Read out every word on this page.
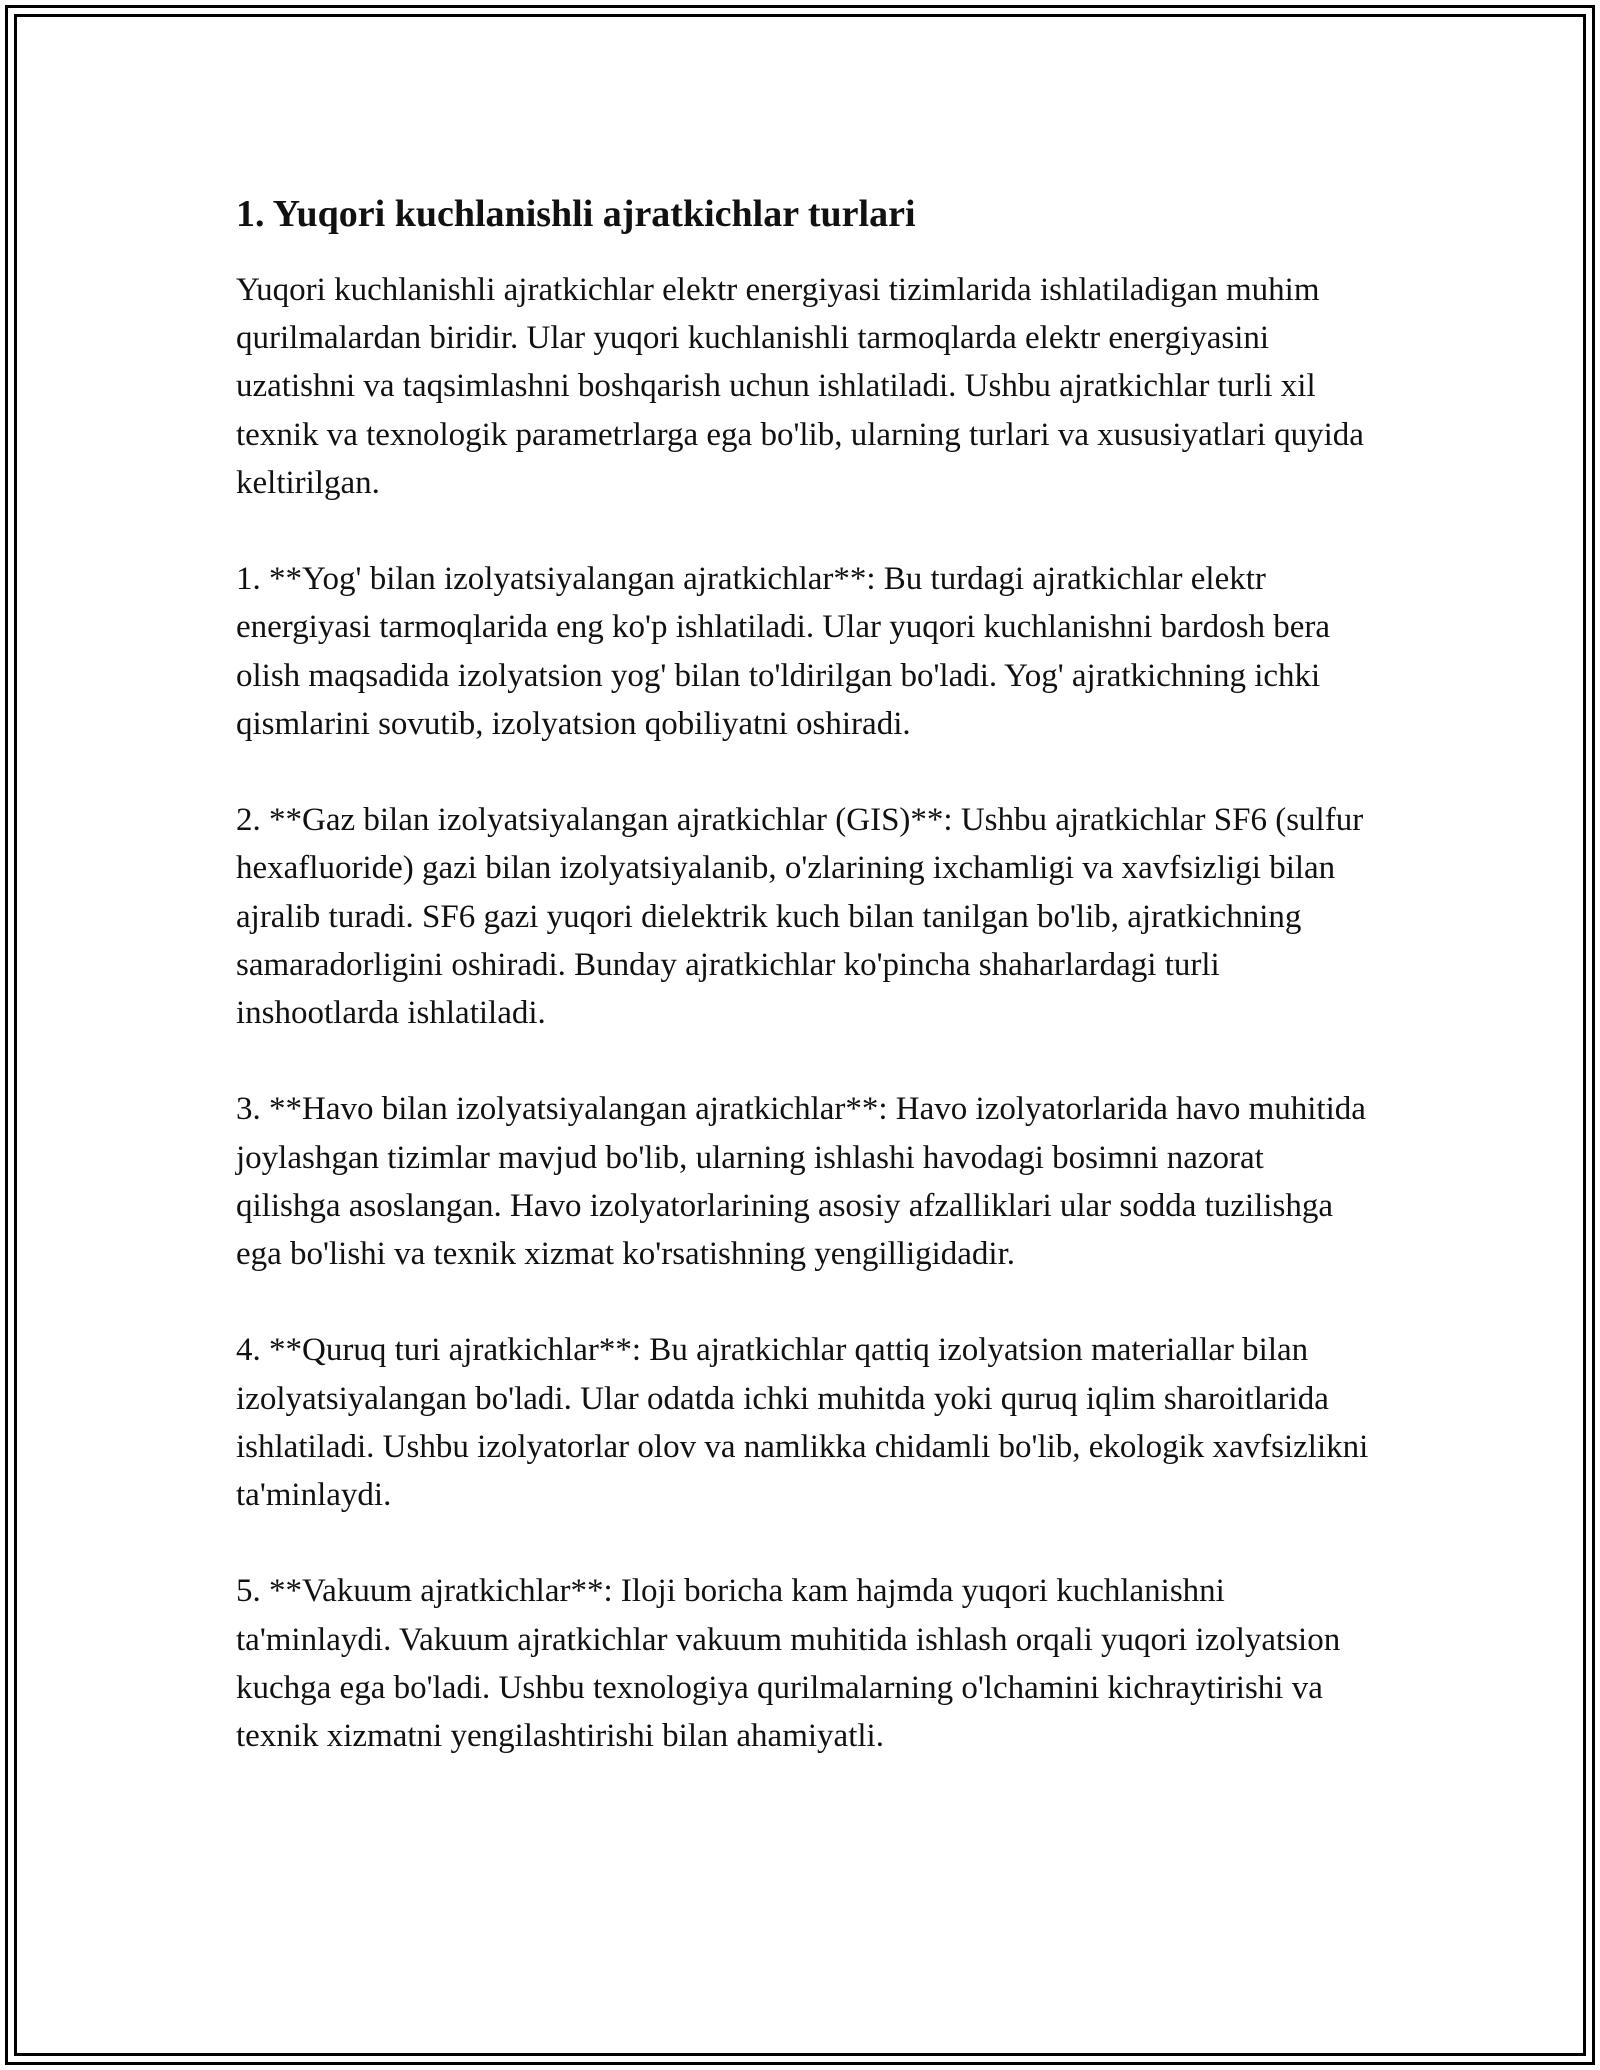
1. Yuqori kuchlanishli ajratkichlar turlari

Yuqori kuchlanishli ajratkichlar elektr energiyasi tizimlarida ishlatiladigan muhim qurilmalardan biridir. Ular yuqori kuchlanishli tarmoqlarda elektr energiyasini uzatishni va taqsimlashni boshqarish uchun ishlatiladi. Ushbu ajratkichlar turli xil texnik va texnologik parametrlarga ega bo'lib, ularning turlari va xususiyatlari quyida keltirilgan.

1. **Yog' bilan izolyatsiyalangan ajratkichlar**: Bu turdagi ajratkichlar elektr energiyasi tarmoqlarida eng ko'p ishlatiladi. Ular yuqori kuchlanishni bardosh bera olish maqsadida izolyatsion yog' bilan to'ldirilgan bo'ladi. Yog' ajratkichning ichki qismlarini sovutib, izolyatsion qobiliyatni oshiradi.

2. **Gaz bilan izolyatsiyalangan ajratkichlar (GIS)**: Ushbu ajratkichlar SF6 (sulfur hexafluoride) gazi bilan izolyatsiyalanib, o'zlarining ixchamligi va xavfsizligi bilan ajralib turadi. SF6 gazi yuqori dielektrik kuch bilan tanilgan bo'lib, ajratkichning samaradorligini oshiradi. Bunday ajratkichlar ko'pincha shaharlardagi turli inshootlarda ishlatiladi.

3. **Havo bilan izolyatsiyalangan ajratkichlar**: Havo izolyatorlarida havo muhitida joylashgan tizimlar mavjud bo'lib, ularning ishlashi havodagi bosimni nazorat qilishga asoslangan. Havo izolyatorlarining asosiy afzalliklari ular sodda tuzilishga ega bo'lishi va texnik xizmat ko'rsatishning yengilligidadir.

4. **Quruq turi ajratkichlar**: Bu ajratkichlar qattiq izolyatsion materiallar bilan izolyatsiyalangan bo'ladi. Ular odatda ichki muhitda yoki quruq iqlim sharoitlarida ishlatiladi. Ushbu izolyatorlar olov va namlikka chidamli bo'lib, ekologik xavfsizlikni ta'minlaydi.

5. **Vakuum ajratkichlar**: Iloji boricha kam hajmda yuqori kuchlanishni ta'minlaydi. Vakuum ajratkichlar vakuum muhitida ishlash orqali yuqori izolyatsion kuchga ega bo'ladi. Ushbu texnologiya qurilmalarning o'lchamini kichraytirishi va texnik xizmatni yengilashtirishi bilan ahamiyatli.
